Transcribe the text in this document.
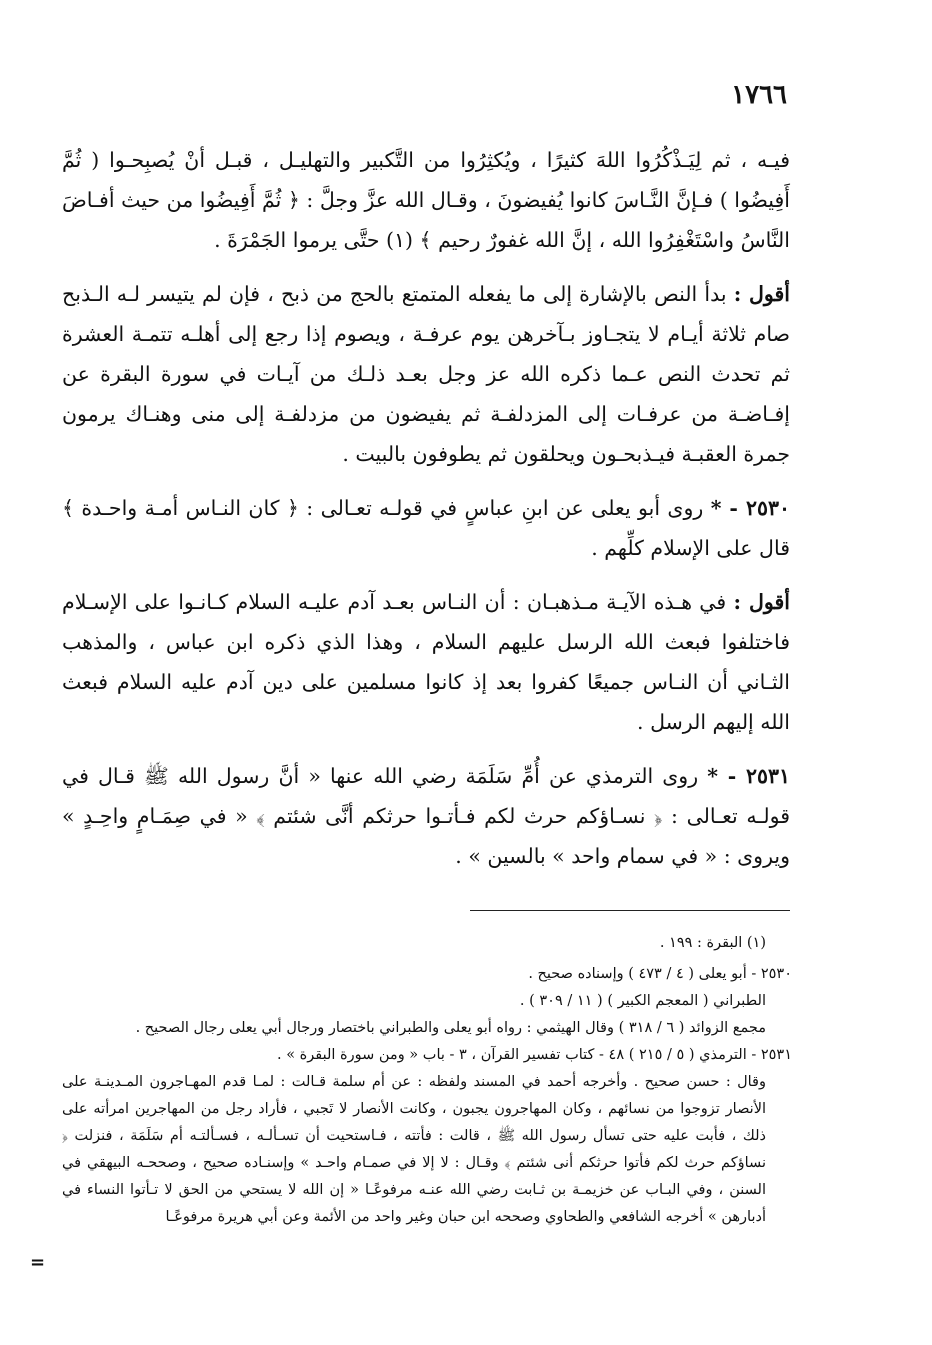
١٧٦٦

فيـه ، ثم لِيَـذْكُرُوا اللهَ كثيرًا ، ويُكثِرُوا من التَّكبير والتهليـل ، قبـل أنْ يُصبِحـوا ( ثُمَّ أَفِيضُوا ) فـإنَّ النَّـاسَ كانوا يُفيضونَ ، وقـال الله عزَّ وجلَّ : ﴿ ثُمَّ أَفِيضُوا من حيث أفـاضَ النَّاسُ واسْتَغْفِرُوا الله ، إنَّ الله غفورٌ رحيم ﴾ (١) حتَّى يرموا الجَمْرَةَ .

أقول : بدأ النص بالإشارة إلى ما يفعله المتمتع بالحج من ذبح ، فإن لم يتيسر لـه الـذبح صام ثلاثة أيـام لا يتجـاوز بـآخرهن يوم عرفـة ، ويصوم إذا رجع إلى أهلـه تتمـة العشرة ثم تحدث النص عـما ذكره الله عز وجل بعـد ذلـك من آيـات في سورة البقرة عن إفـاضـة من عرفـات إلى المزدلفـة ثم يفيضون من مزدلفـة إلى منى وهنـاك يرمون جمرة العقبـة فيـذبحـون ويحلقون ثم يطوفون بالبيت .

٢٥٣٠ - * روى أبو يعلى عن ابنِ عباسٍ في قولـه تعـالى : ﴿ كان النـاس أمـة واحـدة ﴾ قال على الإسلام كلِّهم .

أقول : في هـذه الآيـة مـذهبـان : أن النـاس بعـد آدم عليـه السلام كـانـوا على الإسـلام فاختلفوا فبعث الله الرسل عليهم السلام ، وهذا الذي ذكره ابن عباس ، والمذهب الثـاني أن النـاس جميعًا كفروا بعد إذ كانوا مسلمين على دين آدم عليه السلام فبعث الله إليهم الرسل .

٢٥٣١ - * روى الترمذي عن أُمِّ سَلَمَة رضي الله عنها « أنَّ رسول الله ﷺ قـال في قولـه تعـالى : ﴿ نسـاؤكم حرث لكم فـأتـوا حرثكم أنَّى شئتم ﴾ « في صِمَـامٍ واحِـدٍ » ويروى : « في سمام واحد » بالسين » .

(١) البقرة : ١٩٩ .

٢٥٣٠ - أبو يعلى ( ٤ / ٤٧٣ ) وإسناده صحيح .

الطبراني ( المعجم الكبير ) ( ١١ / ٣٠٩ ) .

مجمع الزوائد ( ٦ / ٣١٨ ) وقال الهيثمي : رواه أبو يعلى والطبراني باختصار ورجال أبي يعلى رجال الصحيح .

٢٥٣١ - الترمذي ( ٥ / ٢١٥ ) ٤٨ - كتاب تفسير القرآن ، ٣ - باب « ومن سورة البقرة » .

وقال : حسن صحيح . وأخرجه أحمد في المسند ولفظه : عن أم سلمة قـالت : لمـا قدم المهـاجرون المـدينـة على الأنصار تزوجوا من نسائهم ، وكان المهاجرون يجبون ، وكانت الأنصار لا تَجبي ، فأراد رجل من المهاجرين امرأته على ذلك ، فأبت عليه حتى تسأل رسول الله ﷺ ، قالت : فأتته ، فـاستحيت أن تسـألـه ، فسـألتـه أم سَلَمَة ، فنزلت ﴿ نساؤكم حرث لكم فأتوا حرثكم أنى شئتم ﴾ وقـال : لا إلا في صمـام واحـد » وإسنـاده صحيح ، وصححـه البيهقي في السنن ، وفي البـاب عن خزيمـة بن ثـابت رضي الله عنـه مرفوعًـا « إن الله لا يستحي من الحق لا تـأتوا النساء في أدبارهن » أخرجه الشافعي والطحاوي وصححه ابن حبان وغير واحد من الأئمة وعن أبي هريرة مرفوعًـا

=
